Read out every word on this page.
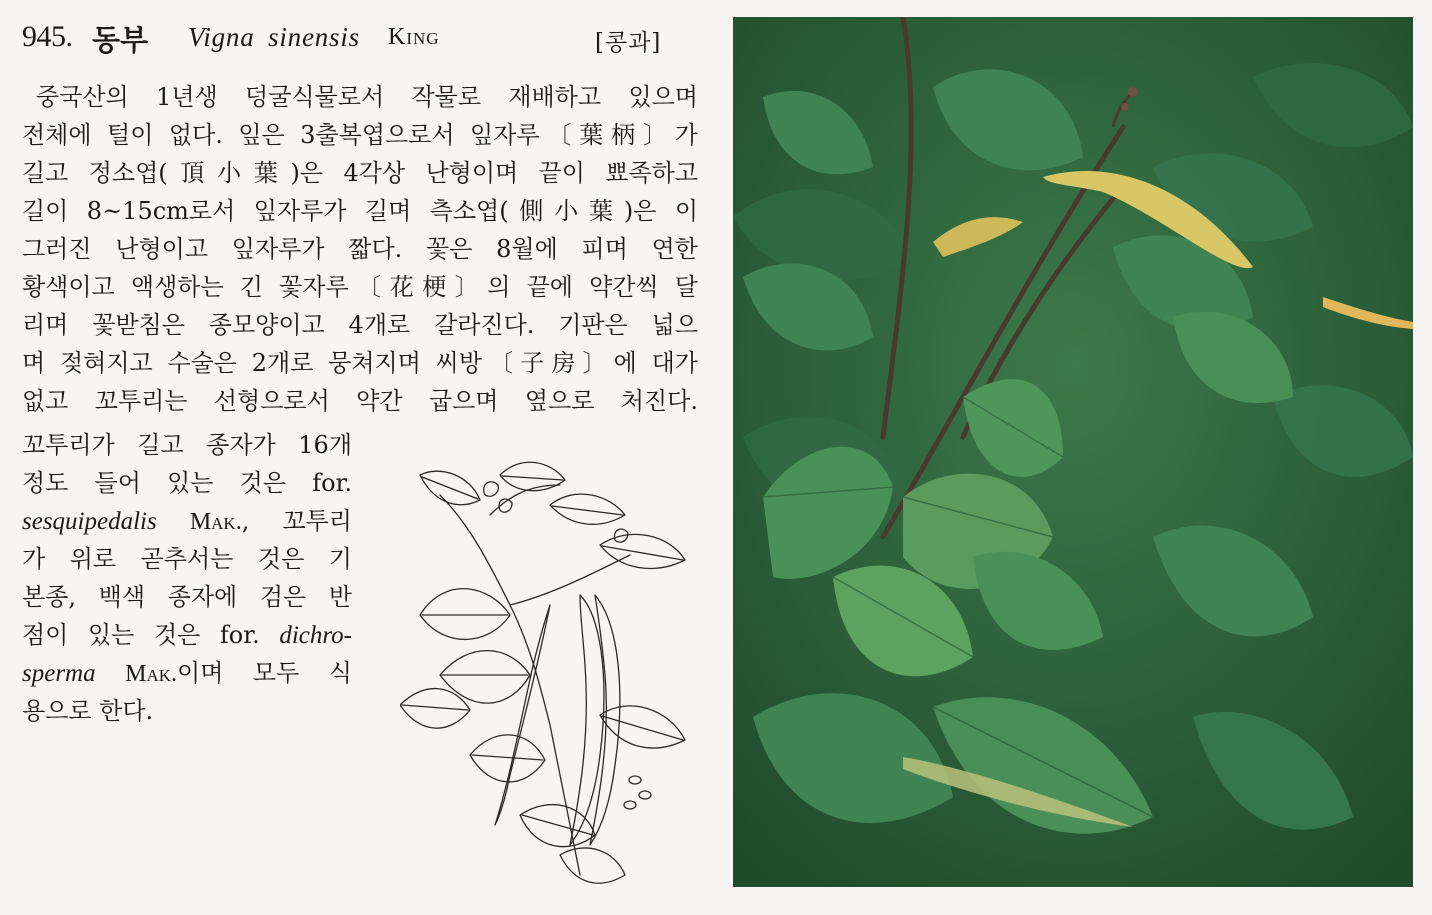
945. 동부 Vigna sinensis King	[콩과]
중국산의 1년생 덩굴식물로서 작물로 재배하고 있으며
전체에 털이 없다. 잎은 3출복엽으로서 잎자루〔葉柄〕가
길고 정소엽(頂小葉)은 4각상 난형이며 끝이 뾰족하고
길이 8~15cm로서 잎자루가 길며 측소엽(側小葉)은 이
그러진 난형이고 잎자루가 짧다. 꽃은 8월에 피며 연한
황색이고 액생하는 긴 꽃자루〔花梗〕의 끝에 약간씩 달
리며 꽃받침은 종모양이고 4개로 갈라진다. 기판은 넓으
며 젖혀지고 수술은 2개로 뭉쳐지며 씨방〔子房〕에 대가
없고 꼬투리는 선형으로서 약간 굽으며 옆으로 처진다.
꼬투리가 길고 종자가 16개
정도 들어 있는 것은 for.
sesquipedalis Mak., 꼬투리
가 위로 곧추서는 것은 기
본종, 백색 종자에 검은 반
점이 있는 것은 for. dichro-
sperma Mak.이며 모두 식
용으로 한다.
